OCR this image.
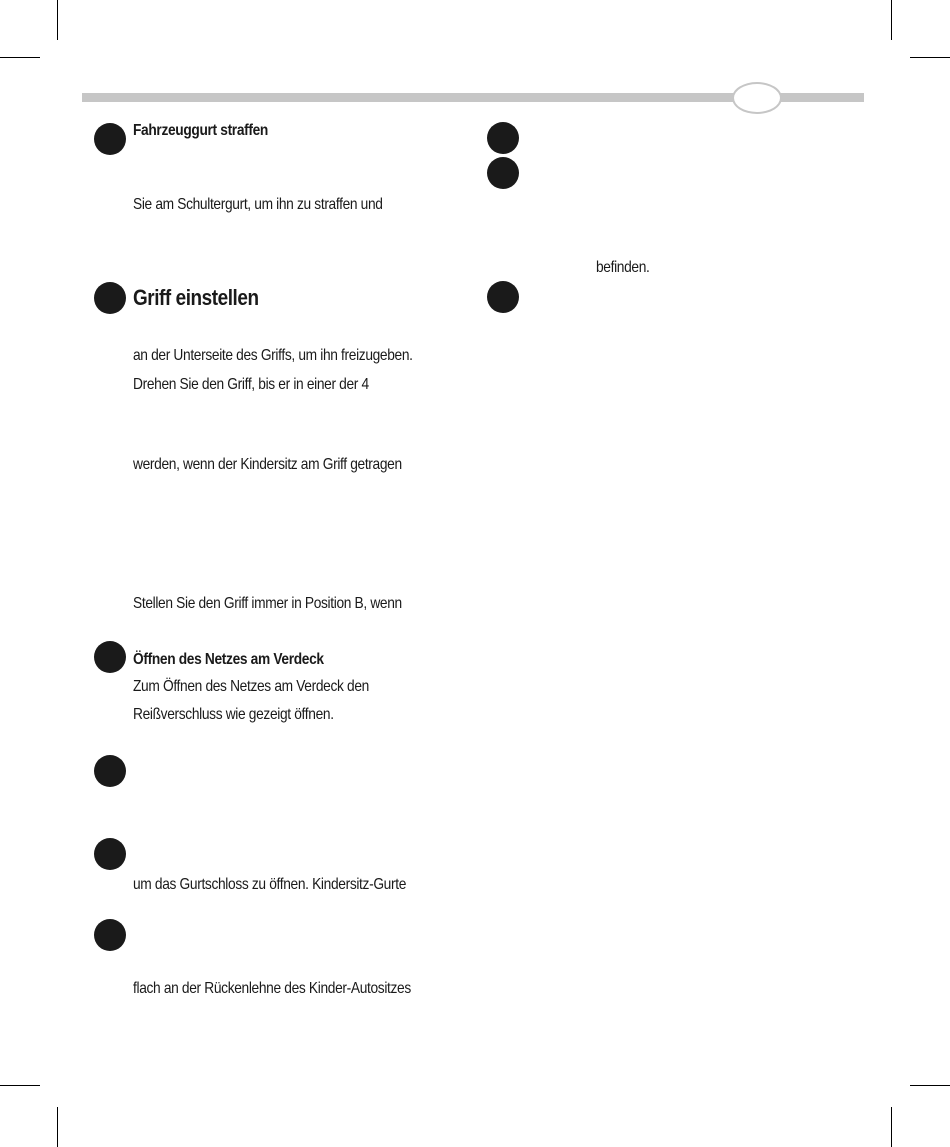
Fahrzeuggurt straffen
Sie am Schultergurt, um ihn zu straffen und
Griff einstellen
an der Unterseite des Griffs, um ihn freizugeben.
Drehen Sie den Griff, bis er in einer der 4
werden, wenn der Kindersitz am Griff getragen
Stellen Sie den Griff immer in Position B, wenn
Öffnen des Netzes am Verdeck
Zum Öffnen des Netzes am Verdeck den
Reißverschluss wie gezeigt öffnen.
um das Gurtschloss zu öffnen. Kindersitz-Gurte
flach an der Rückenlehne des Kinder-Autositzes
befinden.
